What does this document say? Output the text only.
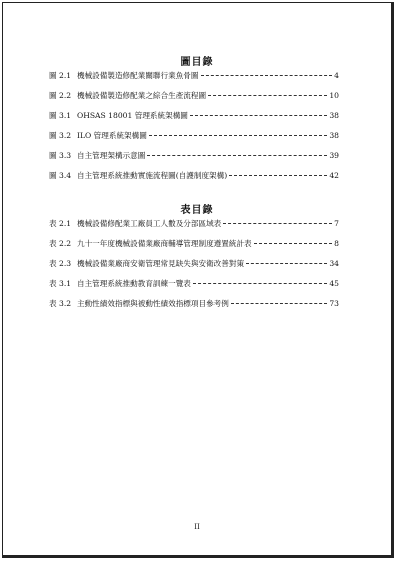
圖目錄
圖 2.1 機械設備製造修配業關聯行業魚骨圖	4
圖 2.2 機械設備製造修配業之綜合生產流程圖	10
圖 3.1 OHSAS 18001 管理系統架構圖	38
圖 3.2 ILO 管理系統架構圖	38
圖 3.3 自主管理架構示意圖	39
圖 3.4 自主管理系統推動實施流程圖(自護制度架構)	42
表目錄
表 2.1 機械設備修配業工廠員工人數及分部區域表	7
表 2.2 九十一年度機械設備業廠商輔導管理制度遵置統計表	8
表 2.3 機械設備業廠商安衛管理常見缺失與安衛改善對策	34
表 3.1 自主管理系統推動教育訓練一覽表	45
表 3.2 主動性績效指標與被動性績效指標項目參考例	73
II
